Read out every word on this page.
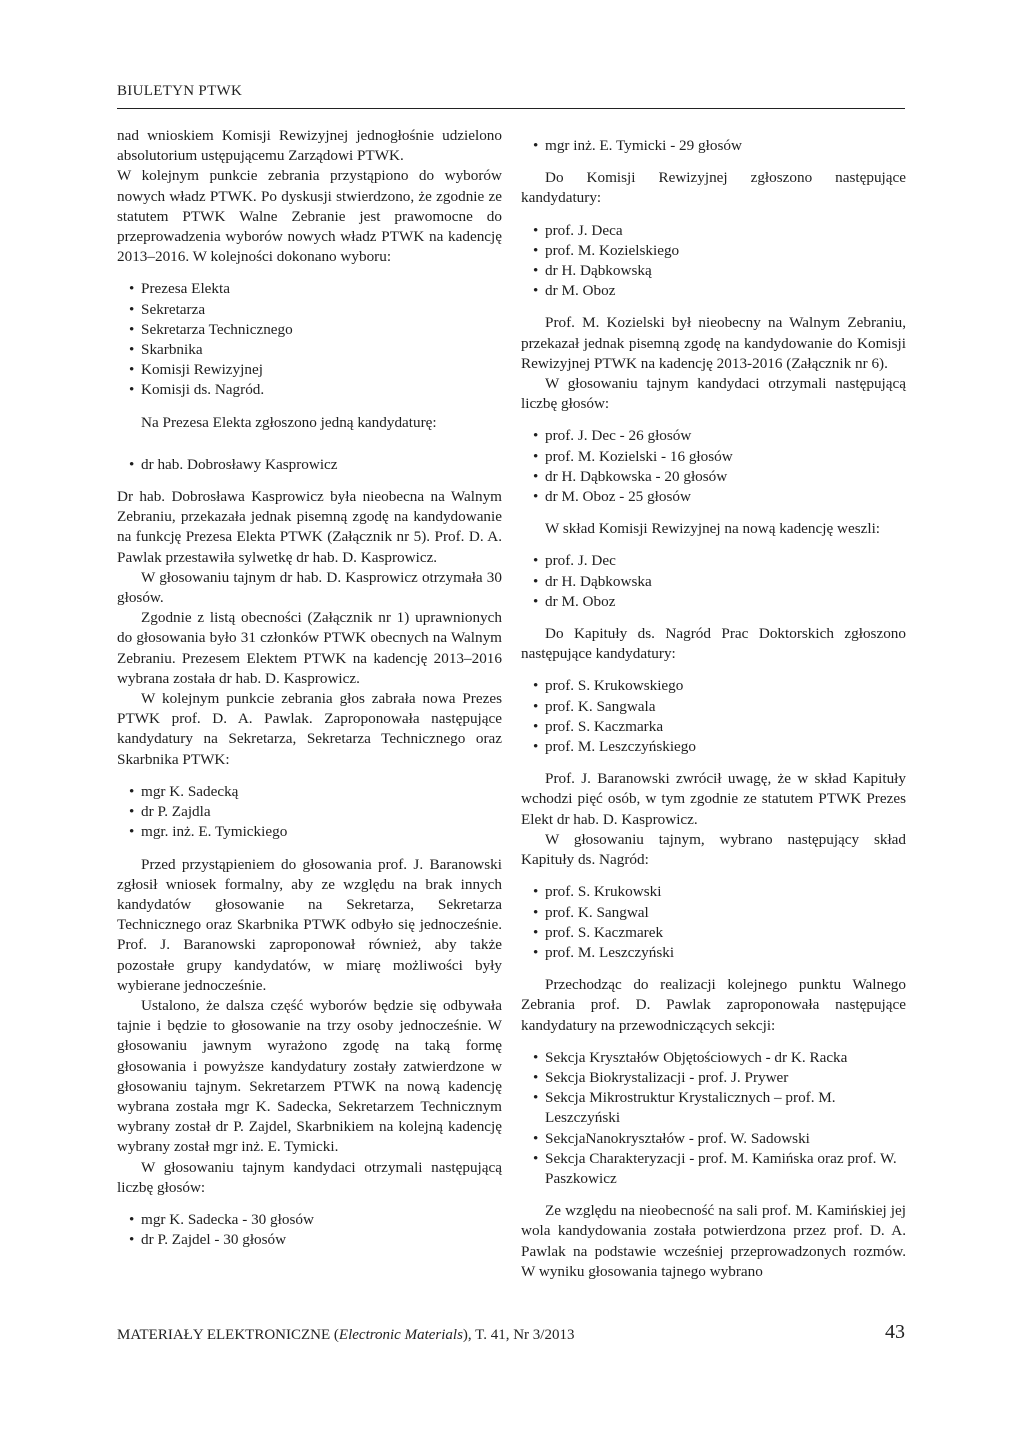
BIULETYN PTWK

nad wnioskiem Komisji Rewizyjnej jednogłośnie udzielono absolutorium ustępującemu Zarządowi PTWK.

W kolejnym punkcie zebrania przystąpiono do wyborów nowych władz PTWK. Po dyskusji stwierdzono, że zgodnie ze statutem PTWK Walne Zebranie jest prawomocne do przeprowadzenia wyborów nowych władz PTWK na kadencję 2013–2016. W kolejności dokonano wyboru:

• Prezesa Elekta
• Sekretarza
• Sekretarza Technicznego
• Skarbnika
• Komisji Rewizyjnej
• Komisji ds. Nagród.

Na Prezesa Elekta zgłoszono jedną kandydaturę:

• dr hab. Dobrosławy Kasprowicz

Dr hab. Dobrosława Kasprowicz była nieobecna na Walnym Zebraniu, przekazała jednak pisemną zgodę na kandydowanie na funkcję Prezesa Elekta PTWK (Załącznik nr 5). Prof. D. A. Pawlak przestawiła sylwetkę dr hab. D. Kasprowicz.

W głosowaniu tajnym dr hab. D. Kasprowicz otrzymała 30 głosów.

Zgodnie z listą obecności (Załącznik nr 1) uprawnionych do głosowania było 31 członków PTWK obecnych na Walnym Zebraniu. Prezesem Elektem PTWK na kadencję 2013–2016 wybrana została dr hab. D. Kasprowicz.

W kolejnym punkcie zebrania głos zabrała nowa Prezes PTWK prof. D. A. Pawlak. Zaproponowała następujące kandydatury na Sekretarza, Sekretarza Technicznego oraz Skarbnika PTWK:

• mgr K. Sadecką
• dr P. Zajdla
• mgr. inż. E. Tymickiego

Przed przystąpieniem do głosowania prof. J. Baranowski zgłosił wniosek formalny, aby ze względu na brak innych kandydatów głosowanie na Sekretarza, Sekretarza Technicznego oraz Skarbnika PTWK odbyło się jednocześnie. Prof. J. Baranowski zaproponował również, aby także pozostałe grupy kandydatów, w miarę możliwości były wybierane jednocześnie.

Ustalono, że dalsza część wyborów będzie się odbywała tajnie i będzie to głosowanie na trzy osoby jednocześnie. W głosowaniu jawnym wyrażono zgodę na taką formę głosowania i powyższe kandydatury zostały zatwierdzone w głosowaniu tajnym. Sekretarzem PTWK na nową kadencję wybrana została mgr K. Sadecka, Sekretarzem Technicznym wybrany został dr P. Zajdel, Skarbnikiem na kolejną kadencję wybrany został mgr inż. E. Tymicki.

W głosowaniu tajnym kandydaci otrzymali następującą liczbę głosów:

• mgr K. Sadecka - 30 głosów
• dr P. Zajdel - 30 głosów
• mgr inż. E. Tymicki - 29 głosów

Do Komisji Rewizyjnej zgłoszono następujące kandydatury:

• prof. J. Deca
• prof. M. Kozielskiego
• dr H. Dąbkowską
• dr M. Oboz

Prof. M. Kozielski był nieobecny na Walnym Zebraniu, przekazał jednak pisemną zgodę na kandydowanie do Komisji Rewizyjnej PTWK na kadencję 2013-2016 (Załącznik nr 6).

W głosowaniu tajnym kandydaci otrzymali następującą liczbę głosów:

• prof. J. Dec - 26 głosów
• prof. M. Kozielski - 16 głosów
• dr H. Dąbkowska - 20 głosów
• dr M. Oboz - 25 głosów

W skład Komisji Rewizyjnej na nową kadencję weszli:

• prof. J. Dec
• dr H. Dąbkowska
• dr M. Oboz

Do Kapituły ds. Nagród Prac Doktorskich zgłoszono następujące kandydatury:

• prof. S. Krukowskiego
• prof. K. Sangwala
• prof. S. Kaczmarka
• prof. M. Leszczyńskiego

Prof. J. Baranowski zwrócił uwagę, że w skład Kapituły wchodzi pięć osób, w tym zgodnie ze statutem PTWK Prezes Elekt dr hab. D. Kasprowicz.

W głosowaniu tajnym, wybrano następujący skład Kapituły ds. Nagród:

• prof. S. Krukowski
• prof. K. Sangwal
• prof. S. Kaczmarek
• prof. M. Leszczyński

Przechodząc do realizacji kolejnego punktu Walnego Zebrania prof. D. Pawlak zaproponowała następujące kandydatury na przewodniczących sekcji:

• Sekcja Kryształów Objętościowych - dr K. Racka
• Sekcja Biokrystalizacji - prof. J. Prywer
• Sekcja Mikrostruktur Krystalicznych – prof. M. Leszczyński
• SekcjaNanokryształów - prof. W. Sadowski
• Sekcja Charakteryzacji - prof. M. Kamińska oraz prof. W. Paszkowicz

Ze względu na nieobecność na sali prof. M. Kamińskiej jej wola kandydowania została potwierdzona przez prof. D. A. Pawlak na podstawie wcześniej przeprowadzonych rozmów. W wyniku głosowania tajnego wybrano

MATERIAŁY ELEKTRONICZNE (Electronic Materials), T. 41, Nr 3/2013	43
